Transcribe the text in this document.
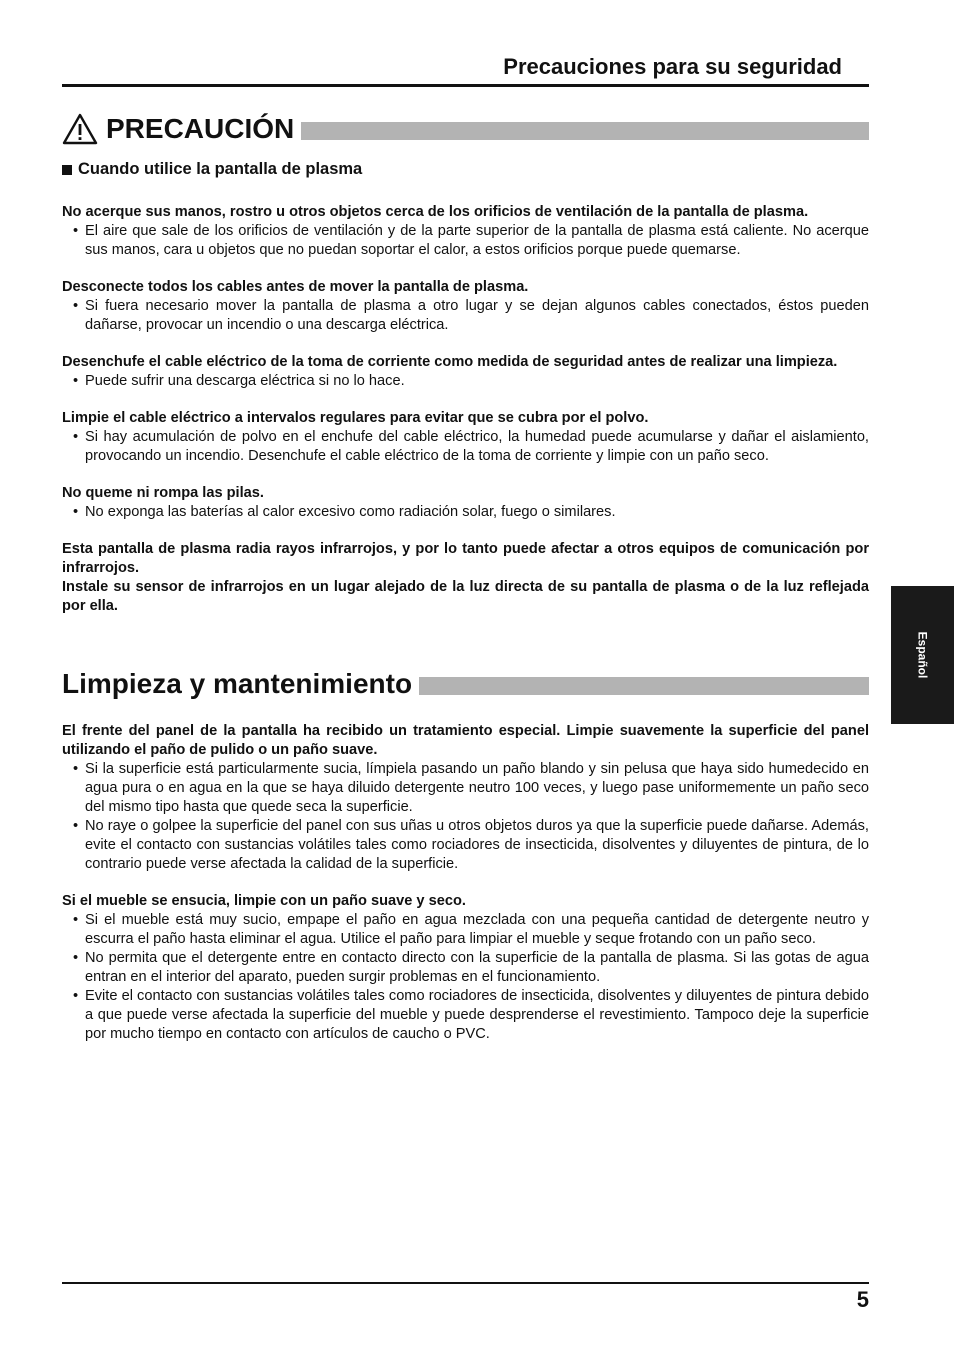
Precauciones para su seguridad
PRECAUCIÓN
Cuando utilice la pantalla de plasma

No acerque sus manos, rostro u otros objetos cerca de los orificios de ventilación de la pantalla de plasma.

• El aire que sale de los orificios de ventilación y de la parte superior de la pantalla de plasma está caliente. No acerque sus manos, cara u objetos que no puedan soportar el calor, a estos orificios porque puede quemarse.

Desconecte todos los cables antes de mover la pantalla de plasma.

• Si fuera necesario mover la pantalla de plasma a otro lugar y se dejan algunos cables conectados, éstos pueden dañarse, provocar un incendio o una descarga eléctrica.

Desenchufe el cable eléctrico de la toma de corriente como medida de seguridad antes de realizar una limpieza.

• Puede sufrir una descarga eléctrica si no lo hace.

Limpie el cable eléctrico a intervalos regulares para evitar que se cubra por el polvo.

• Si hay acumulación de polvo en el enchufe del cable eléctrico, la humedad puede acumularse y dañar el aislamiento, provocando un incendio. Desenchufe el cable eléctrico de la toma de corriente y limpie con un paño seco.

No queme ni rompa las pilas.

• No exponga las baterías al calor excesivo como radiación solar, fuego o similares.

Esta pantalla de plasma radia rayos infrarrojos, y por lo tanto puede afectar a otros equipos de comunicación por infrarrojos.

Instale su sensor de infrarrojos en un lugar alejado de la luz directa de su pantalla de plasma o de la luz reflejada por ella.

Limpieza y mantenimiento

El frente del panel de la pantalla ha recibido un tratamiento especial. Limpie suavemente la superficie del panel utilizando el paño de pulido o un paño suave.

• Si la superficie está particularmente sucia, límpiela pasando un paño blando y sin pelusa que haya sido humedecido en agua pura o en agua en la que se haya diluido detergente neutro 100 veces, y luego pase uniformemente un paño seco del mismo tipo hasta que quede seca la superficie.
• No raye o golpee la superficie del panel con sus uñas u otros objetos duros ya que la superficie puede dañarse. Además, evite el contacto con sustancias volátiles tales como rociadores de insecticida, disolventes y diluyentes de pintura, de lo contrario puede verse afectada la calidad de la superficie.

Si el mueble se ensucia, limpie con un paño suave y seco.

• Si el mueble está muy sucio, empape el paño en agua mezclada con una pequeña cantidad de detergente neutro y escurra el paño hasta eliminar el agua. Utilice el paño para limpiar el mueble y seque frotando con un paño seco.
• No permita que el detergente entre en contacto directo con la superficie de la pantalla de plasma. Si las gotas de agua entran en el interior del aparato, pueden surgir problemas en el funcionamiento.
• Evite el contacto con sustancias volátiles tales como rociadores de insecticida, disolventes y diluyentes de pintura debido a que puede verse afectada la superficie del mueble y puede desprenderse el revestimiento. Tampoco deje la superficie por mucho tiempo en contacto con artículos de caucho o PVC.
Español

5
